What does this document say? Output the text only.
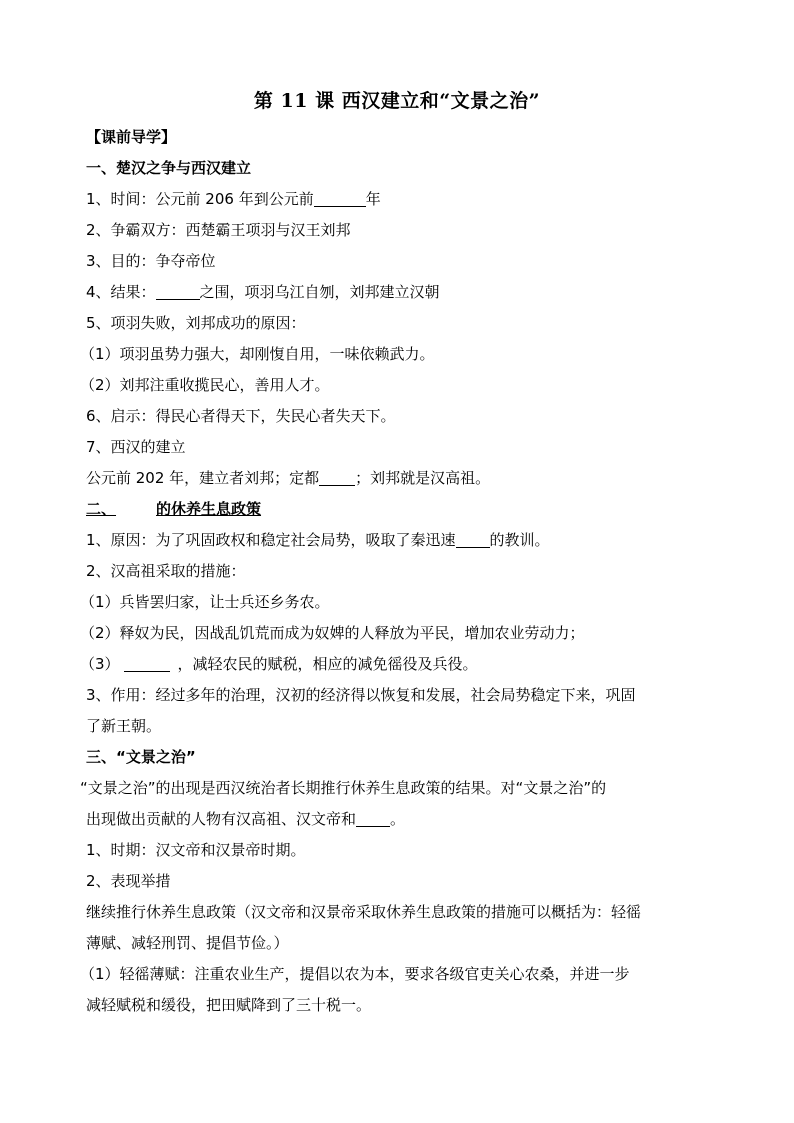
第 11 课 西汉建立和“文景之治”

【课前导学】

一、楚汉之争与西汉建立

1、时间：公元前 206 年到公元前	年

2、争霸双方：西楚霸王项羽与汉王刘邦

3、目的：争夺帝位

4、结果：	之围，项羽乌江自刎，刘邦建立汉朝

5、项羽失败，刘邦成功的原因：

（1）项羽虽势力强大，却刚愎自用，一味依赖武力。

（2）刘邦注重收揽民心，善用人才。

6、启示：得民心者得天下，失民心者失天下。

7、西汉的建立

公元前 202 年，建立者刘邦；定都 ；刘邦就是汉高祖。

二、	的休养生息政策

1、原因：为了巩固政权和稳定社会局势，吸取了秦迅速 的教训。

2、汉高祖采取的措施：

（1）兵皆罢归家，让士兵还乡务农。

（2）释奴为民，因战乱饥荒而成为奴婢的人释放为平民，增加农业劳动力；

（3）	，减轻农民的赋税，相应的减免徭役及兵役。

3、作用：经过多年的治理，汉初的经济得以恢复和发展，社会局势稳定下来，巩固

了新王朝。

三、“文景之治”

“文景之治”的出现是西汉统治者长期推行休养生息政策的结果。对“文景之治”的

出现做出贡献的人物有汉高祖、汉文帝和 。

1、时期：汉文帝和汉景帝时期。

2、表现举措

继续推行休养生息政策（汉文帝和汉景帝采取休养生息政策的措施可以概括为：轻徭

薄赋、减轻刑罚、提倡节俭。）

（1）轻徭薄赋：注重农业生产，提倡以农为本，要求各级官吏关心农桑，并进一步

减轻赋税和缓役，把田赋降到了三十税一。
